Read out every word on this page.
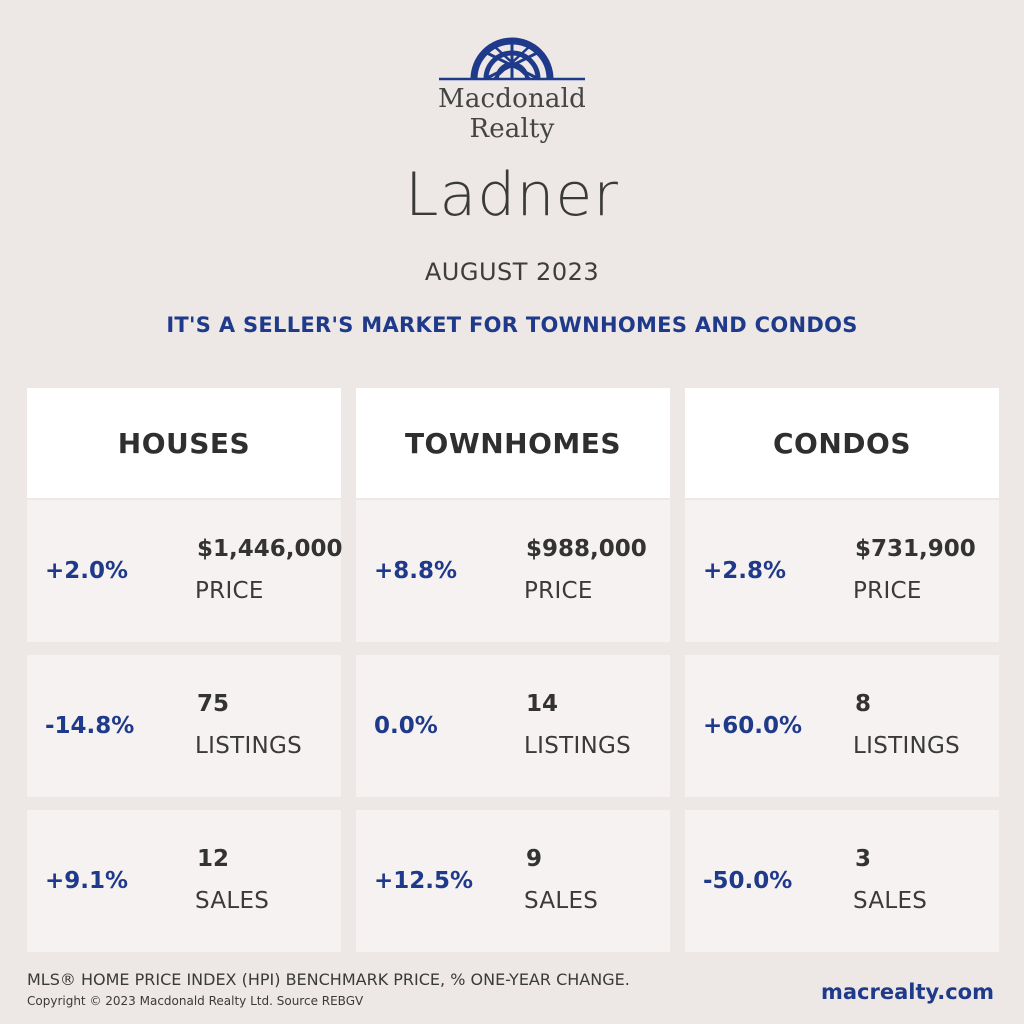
Macdonald
Realty
Ladner
AUGUST 2023
IT'S A SELLER'S MARKET FOR TOWNHOMES AND CONDOS
HOUSES
+2.0%
$1,446,000
PRICE
-14.8%
75
LISTINGS
+9.1%
12
SALES
TOWNHOMES
+8.8%
$988,000
PRICE
0.0%
14
LISTINGS
+12.5%
9
SALES
CONDOS
+2.8%
$731,900
PRICE
+60.0%
8
LISTINGS
-50.0%
3
SALES
MLS® HOME PRICE INDEX (HPI) BENCHMARK PRICE, % ONE-YEAR CHANGE.
Copyright © 2023 Macdonald Realty Ltd. Source REBGV	macrealty.com
